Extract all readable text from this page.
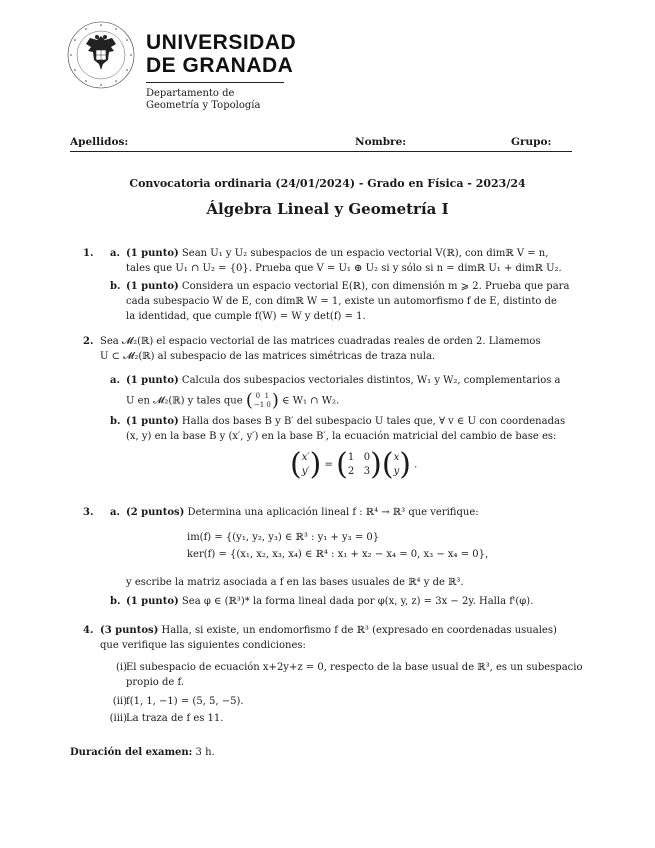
UNIVERSIDAD
DE GRANADA
Departamento de
Geometría y Topología
Apellidos:	Nombre:	Grupo:
Convocatoria ordinaria (24/01/2024) - Grado en Física - 2023/24
Álgebra Lineal y Geometría I
1. a. (1 punto) Sean U₁ y U₂ subespacios de un espacio vectorial V(ℝ), con dimℝ V = n,
tales que U₁ ∩ U₂ = {0}. Prueba que V = U₁ ⊕ U₂ si y sólo si n = dimℝ U₁ + dimℝ U₂.
b. (1 punto) Considera un espacio vectorial E(ℝ), con dimensión m ⩾ 2. Prueba que para
cada subespacio W de E, con dimℝ W = 1, existe un automorfismo f de E, distinto de
la identidad, que cumple f(W) = W y det(f) = 1.
2. Sea 𝓜₂(ℝ) el espacio vectorial de las matrices cuadradas reales de orden 2. Llamemos
U ⊂ 𝓜₂(ℝ) al subespacio de las matrices simétricas de traza nula.
a. (1 punto) Calcula dos subespacios vectoriales distintos, W₁ y W₂, complementarios a
U en 𝓜₂(ℝ) y tales que ( 0 1
−1 0) ∈ W₁ ∩ W₂.
b. (1 punto) Halla dos bases B y B′ del subespacio U tales que, ∀ v ∈ U con coordenadas
(x, y) en la base B y (x′, y′) en la base B′, la ecuación matricial del cambio de base es:
(x′
y′) = (1 0
2 3)(x
y) .
3. a. (2 puntos) Determina una aplicación lineal f : ℝ⁴ → ℝ³ que verifique:
im(f) = {(y₁, y₂, y₃) ∈ ℝ³ : y₁ + y₃ = 0}
ker(f) = {(x₁, x₂, x₃, x₄) ∈ ℝ⁴ : x₁ + x₂ − x₄ = 0, x₃ − x₄ = 0},
y escribe la matriz asociada a f en las bases usuales de ℝ⁴ y de ℝ³.
b. (1 punto) Sea φ ∈ (ℝ³)* la forma lineal dada por φ(x, y, z) = 3x − 2y. Halla fᵗ(φ).
4. (3 puntos) Halla, si existe, un endomorfismo f de ℝ³ (expresado en coordenadas usuales)
que verifique las siguientes condiciones:
(i) El subespacio de ecuación x+2y+z = 0, respecto de la base usual de ℝ³, es un subespacio
propio de f.
(ii) f(1, 1, −1) = (5, 5, −5).
(iii) La traza de f es 11.
Duración del examen: 3 h.
